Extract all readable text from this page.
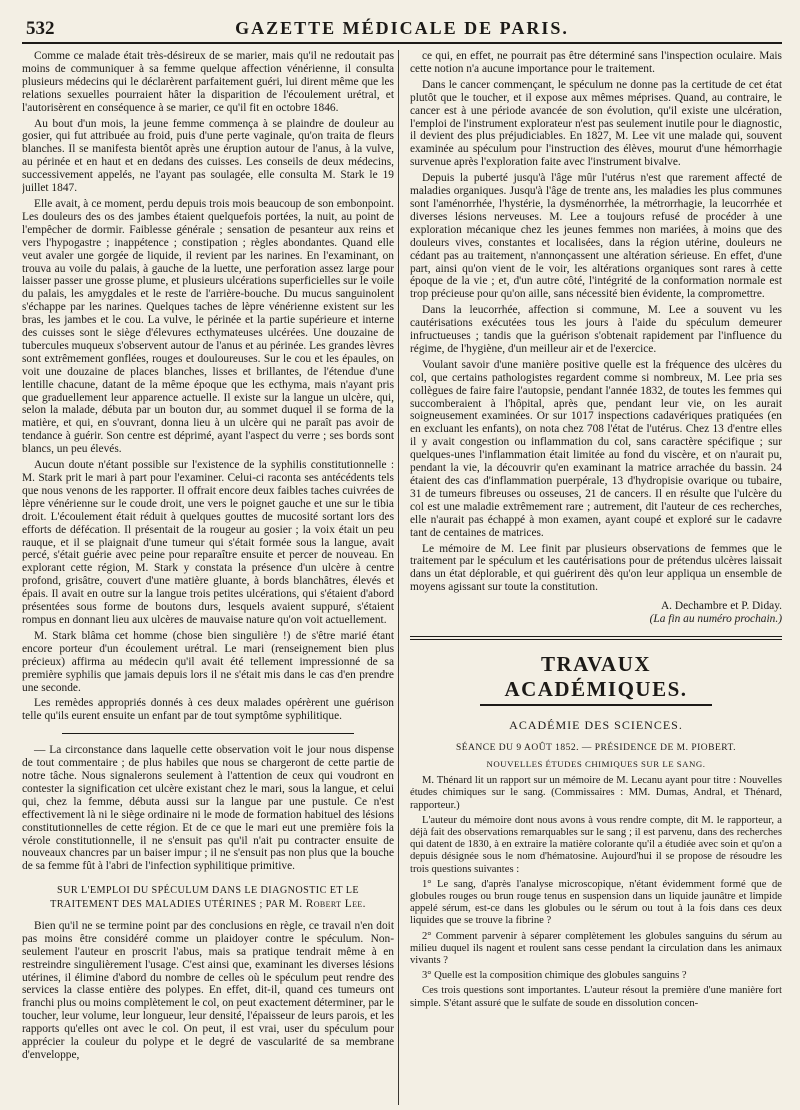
532	GAZETTE MÉDICALE DE PARIS.

Comme ce malade était très-désireux de se marier, mais qu'il ne redoutait pas moins de communiquer à sa femme quelque affection vénérienne, il consulta plusieurs médecins qui le déclarèrent parfaitement guéri, lui dirent même que les relations sexuelles pourraient hâter la disparition de l'écoulement urétral, et l'autorisèrent en conséquence à se marier, ce qu'il fit en octobre 1846.

Au bout d'un mois, la jeune femme commença à se plaindre de douleur au gosier, qui fut attribuée au froid, puis d'une perte vaginale, qu'on traita de fleurs blanches. Il se manifesta bientôt après une éruption autour de l'anus, à la vulve, au périnée et en haut et en dedans des cuisses. Les conseils de deux médecins, successivement appelés, ne l'ayant pas soulagée, elle consulta M. Stark le 19 juillet 1847.

Elle avait, à ce moment, perdu depuis trois mois beaucoup de son embonpoint. Les douleurs des os des jambes étaient quelquefois portées, la nuit, au point de l'empêcher de dormir. Faiblesse générale ; sensation de pesanteur aux reins et vers l'hypogastre ; inappétence ; constipation ; règles abondantes. Quand elle veut avaler une gorgée de liquide, il revient par les narines. En l'examinant, on trouva au voile du palais, à gauche de la luette, une perforation assez large pour laisser passer une grosse plume, et plusieurs ulcérations superficielles sur le voile du palais, les amygdales et le reste de l'arrière-bouche. Du mucus sanguinolent s'échappe par les narines. Quelques taches de lèpre vénérienne existent sur les bras, les jambes et le cou. La vulve, le périnée et la partie supérieure et interne des cuisses sont le siège d'élevures ecthymateuses ulcérées. Une douzaine de tubercules muqueux s'observent autour de l'anus et au périnée. Les grandes lèvres sont extrêmement gonflées, rouges et douloureuses. Sur le cou et les épaules, on voit une douzaine de places blanches, lisses et brillantes, de l'étendue d'une lentille chacune, datant de la même époque que les ecthyma, mais n'ayant pris que graduellement leur apparence actuelle. Il existe sur la langue un ulcère, qui, selon la malade, débuta par un bouton dur, au sommet duquel il se forma de la matière, et qui, en s'ouvrant, donna lieu à un ulcère qui ne paraît pas avoir de tendance à guérir. Son centre est déprimé, ayant l'aspect du verre ; ses bords sont blancs, un peu élevés.

Aucun doute n'étant possible sur l'existence de la syphilis constitutionnelle : M. Stark prit le mari à part pour l'examiner. Celui-ci raconta ses antécédents tels que nous venons de les rapporter. Il offrait encore deux faibles taches cuivrées de lèpre vénérienne sur le coude droit, une vers le poignet gauche et une sur le tibia droit. L'écoulement était réduit à quelques gouttes de mucosité sortant lors des efforts de défécation. Il présentait de la rougeur au gosier ; la voix était un peu rauque, et il se plaignait d'une tumeur qui s'était formée sous la langue, avait percé, s'était guérie avec peine pour reparaître ensuite et percer de nouveau. En explorant cette région, M. Stark y constata la présence d'un ulcère à centre profond, grisâtre, couvert d'une matière gluante, à bords blanchâtres, élevés et épais. Il avait en outre sur la langue trois petites ulcérations, qui s'étaient d'abord présentées sous forme de boutons durs, lesquels avaient suppuré, s'étaient rompus en donnant lieu aux ulcères de mauvaise nature qu'on voit actuellement.

M. Stark blâma cet homme (chose bien singulière !) de s'être marié étant encore porteur d'un écoulement urétral. Le mari (renseignement bien plus précieux) affirma au médecin qu'il avait été tellement impressionné de sa première syphilis que jamais depuis lors il ne s'était mis dans le cas d'en prendre une seconde.

Les remèdes appropriés donnés à ces deux malades opérèrent une guérison telle qu'ils eurent ensuite un enfant par de tout symptôme syphilitique.

— La circonstance dans laquelle cette observation voit le jour nous dispense de tout commentaire ; de plus habiles que nous se chargeront de cette partie de notre tâche. Nous signalerons seulement à l'attention de ceux qui voudront en contester la signification cet ulcère existant chez le mari, sous la langue, et celui qui, chez la femme, débuta aussi sur la langue par une pustule. Ce n'est effectivement là ni le siège ordinaire ni le mode de formation habituel des lésions constitutionnelles de cette région. Et de ce que le mari eut une première fois la vérole constitutionnelle, il ne s'ensuit pas qu'il n'ait pu contracter ensuite de nouveaux chancres par un baiser impur ; il ne s'ensuit pas non plus que la bouche de sa femme fût à l'abri de l'infection syphilitique primitive.

SUR L'EMPLOI DU SPÉCULUM DANS LE DIAGNOSTIC ET LE TRAITEMENT DES MALADIES UTÉRINES ; PAR M. Robert Lee.

Bien qu'il ne se termine point par des conclusions en règle, ce travail n'en doit pas moins être considéré comme un plaidoyer contre le spéculum. Non-seulement l'auteur en proscrit l'abus, mais sa pratique tendrait même à en restreindre singulièrement l'usage. C'est ainsi que, examinant les diverses lésions utérines, il élimine d'abord du nombre de celles où le spéculum peut rendre des services la classe entière des polypes. En effet, dit-il, quand ces tumeurs ont franchi plus ou moins complètement le col, on peut exactement déterminer, par le toucher, leur volume, leur longueur, leur densité, l'épaisseur de leurs parois, et les rapports qu'elles ont avec le col. On peut, il est vrai, user du spéculum pour apprécier la couleur du polype et le degré de vascularité de sa membrane d'enveloppe,

ce qui, en effet, ne pourrait pas être déterminé sans l'inspection oculaire. Mais cette notion n'a aucune importance pour le traitement.

Dans le cancer commençant, le spéculum ne donne pas la certitude de cet état plutôt que le toucher, et il expose aux mêmes méprises. Quand, au contraire, le cancer est à une période avancée de son évolution, qu'il existe une ulcération, l'emploi de l'instrument explorateur n'est pas seulement inutile pour le diagnostic, il devient des plus préjudiciables. En 1827, M. Lee vit une malade qui, souvent examinée au spéculum pour l'instruction des élèves, mourut d'une hémorrhagie survenue après l'exploration faite avec l'instrument bivalve.

Depuis la puberté jusqu'à l'âge mûr l'utérus n'est que rarement affecté de maladies organiques. Jusqu'à l'âge de trente ans, les maladies les plus communes sont l'aménorrhée, l'hystérie, la dysménorrhée, la métrorrhagie, la leucorrhée et diverses lésions nerveuses. M. Lee a toujours refusé de procéder à une exploration mécanique chez les jeunes femmes non mariées, à moins que des douleurs vives, constantes et localisées, dans la région utérine, douleurs ne cédant pas au traitement, n'annonçassent une altération sérieuse. En effet, d'une part, ainsi qu'on vient de le voir, les altérations organiques sont rares à cette époque de la vie ; et, d'un autre côté, l'intégrité de la conformation normale est trop précieuse pour qu'on aille, sans nécessité bien évidente, la compromettre.

Dans la leucorrhée, affection si commune, M. Lee a souvent vu les cautérisations exécutées tous les jours à l'aide du spéculum demeurer infructueuses ; tandis que la guérison s'obtenait rapidement par l'influence du régime, de l'hygiène, d'un meilleur air et de l'exercice.

Voulant savoir d'une manière positive quelle est la fréquence des ulcères du col, que certains pathologistes regardent comme si nombreux, M. Lee pria ses collègues de faire faire l'autopsie, pendant l'année 1832, de toutes les femmes qui succomberaient à l'hôpital, après que, pendant leur vie, on les aurait soigneusement examinées. Or sur 1017 inspections cadavériques pratiquées (en en excluant les enfants), on nota chez 708 l'état de l'utérus. Chez 13 d'entre elles il y avait congestion ou inflammation du col, sans caractère spécifique ; sur quelques-unes l'inflammation était limitée au fond du viscère, et on n'aurait pu, pendant la vie, la découvrir qu'en examinant la matrice arrachée du bassin. 24 étaient des cas d'inflammation puerpérale, 13 d'hydropisie ovarique ou tubaire, 31 de tumeurs fibreuses ou osseuses, 21 de cancers. Il en résulte que l'ulcère du col est une maladie extrêmement rare ; autrement, dit l'auteur de ces recherches, elle n'aurait pas échappé à mon examen, ayant coupé et exploré sur le cadavre tant de centaines de matrices.

Le mémoire de M. Lee finit par plusieurs observations de femmes que le traitement par le spéculum et les cautérisations pour de prétendus ulcères laissait dans un état déplorable, et qui guérirent dès qu'on leur appliqua un ensemble de moyens agissant sur toute la constitution.

A. Dechambre et P. Diday.
(La fin au numéro prochain.)
TRAVAUX ACADÉMIQUES.
ACADÉMIE DES SCIENCES.
SÉANCE DU 9 AOÛT 1852. — PRÉSIDENCE DE M. PIOBERT.
NOUVELLES ÉTUDES CHIMIQUES SUR LE SANG.

M. Thénard lit un rapport sur un mémoire de M. Lecanu ayant pour titre : Nouvelles études chimiques sur le sang. (Commissaires : MM. Dumas, Andral, et Thénard, rapporteur.)

L'auteur du mémoire dont nous avons à vous rendre compte, dit M. le rapporteur, a déjà fait des observations remarquables sur le sang ; il est parvenu, dans des recherches qui datent de 1830, à en extraire la matière colorante qu'il a étudiée avec soin et qu'on a depuis désignée sous le nom d'hématosine. Aujourd'hui il se propose de résoudre les trois questions suivantes :

1° Le sang, d'après l'analyse microscopique, n'étant évidemment formé que de globules rouges ou brun rouge tenus en suspension dans un liquide jaunâtre et limpide appelé sérum, est-ce dans les globules ou le sérum ou tout à la fois dans ces deux liquides que se trouve la fibrine ?

2° Comment parvenir à séparer complètement les globules sanguins du sérum au milieu duquel ils nagent et roulent sans cesse pendant la circulation dans les animaux vivants ?

3° Quelle est la composition chimique des globules sanguins ?

Ces trois questions sont importantes. L'auteur résout la première d'une manière fort simple. S'étant assuré que le sulfate de soude en dissolution concen-
